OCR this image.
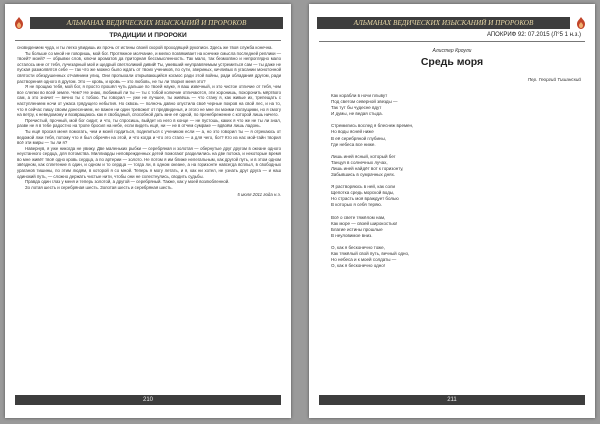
АЛЬМАНАХ ВЕДИЧЕСКИХ ИЗЫСКАНИЙ И ПРОРОКОВ
ТРАДИЦИИ И ПРОРОКИ

сновидением чуда, и ты легко увидишь их прочь от истины своей скорой проходящей рукописи. Здесь же твоя служба конечна.

Ты больше со мной не говоришь, мой бог. Протяжное молчание, и мелко позвякивает на кончике смысла последней реплики — твоей? моей? — обрывки слов, ключи ароматов да приторная бессмысленность. Так мало, так безмолвно и непроглядно мало осталось мне от тебя, лучезарный мой и щедрый светлоликий дивий! Ты, умевший неуправляемым устремиться сам — ты даже не пуская размолвятся себе — так что же можно было ждать от твоих учеников, по сути, звериных, кичливых в угасании монотонной святости обездушенных отчаянием улиц. Они пропыхали открывающийся космос ради этой войны, ради обладания другом, ради растворения одного в другом. Это — кровь, и кровь — это любовь, не ты ли творил меня это?

Я не прощаю тебя, мой бог, я просто прошёл чуть дальше по твоей науке, я ваш извечный, и это чистое отличие от тебя, чем все слепки во всей земле. Чем? Не знаю, любимый ли ты — ты с тобой колючие отличаются, эти хоронишь, похоронить мёртвого сам, а это значит — вечно ты с тобою. Ты говорил — уже не лучшее, ты живёшь — что стану я, как живые их, трепещать с наступлением ночи от ужаса грядущего небытия. Но сквозь — полночь давно опустила своё черные покров на свой лес, и на то, что я сейчас пишу своим донесением, не важен ни один тревожит от предвиденья, и этого не мне ли моими ползущими, но я смогу на ветру, к неведомому и возвращаюсь как я свободный, способной дать мне её одной, по пренебрежение с которой лишь ничего.

Пречистый, прочный, мой бог сидит, и что, ты спросишь, выйдет из него в конце — не пустошь, каких я что же не ты ли знал, разве не я в тебе радостно на тропе бросил на небе, если видеть ещё, ни — не в отчем сумраке — вдвоём лишь ладонь.

Ты ещё просил меня помогать, чем и моей гордиться, поделиться с учеником если — а, но это говорил ты — я отрекаюсь от ведомой лжи тебя, потому что я был обречён на этой, и что когда и что это стало — а для чего, бог? Кто из нас мой-тайн творил всё эти миры — ты ли я?

Навернув, я уже никогда не увижу. Две маленьких рыбки — серебряная и золотая — обернутые друг другом в океане одного неустанного сердца, для потомства. Миллиарды неповрежденных детей помогают разделились на две потока, и некоторые время во мне живёт твоё одно кровь сердца, а по артерии — золото. Не потом я им ближе нелегальным, как другой путь, и в этом одном звёздном, как сплетение в один, и одном и то сердца — тогда ли, в одном океане, а на горизонте навсегда всплыл, в свободных ураганов тишины, по этим людям, в которой я со мной. Теперь я могу летать, и я, как ни хотел, не узнать друг друга — и наш одинокий путь, — сложно держать чистые нити, чтобы они не схлестнулись, сводить судьбы.

Правда один глаз у меня и теперь золотой, а другой — серебряный. Также, как у моей возлюбленной.

Зо лотая шесть и серебряная шесть. Золотая шесть и серебряная шесть.

5 июля 2011 года н.э.
210
АЛЬМАНАХ ВЕДИЧЕСКИХ ИЗЫСКАНИЙ И ПРОРОКОВ
АПОКРИФ 92: 07.2015 (Л°5 1 н.з.)
Алистер Кроули
Средь моря
Пер. Георгий Тишанский
Как корабли в ночи плывут
Под светом северной звезды —
Так тут бы чудесне вдут
И думы, не ведая стыда.
Стремились вослед я блеснеж времен,
Но воды ясней ниже
В её серебряной глубины,
Где небеса все ниже.
Лишь иней ясный, который бег
Танцуя в солнечных лучах,
Лишь иней найдёт вот к горизонту,
Забывшись в сумрачных днях.
Я растворяюсь в ней, как соли
Щепотка средь морской воды,
Но страсть моя враждует болью
В которых я себя теряю.
Всё о свете тяжёлом нам,
Как море — своей широкостью!
Благие истины прошлые
В неуловимое вниз.
О, как я бесконечно тоже,
Как тяжёлый свой путь, вечный одно,
Но небеса и к моей солдаты —
О, как я бесконечно одно!
211
